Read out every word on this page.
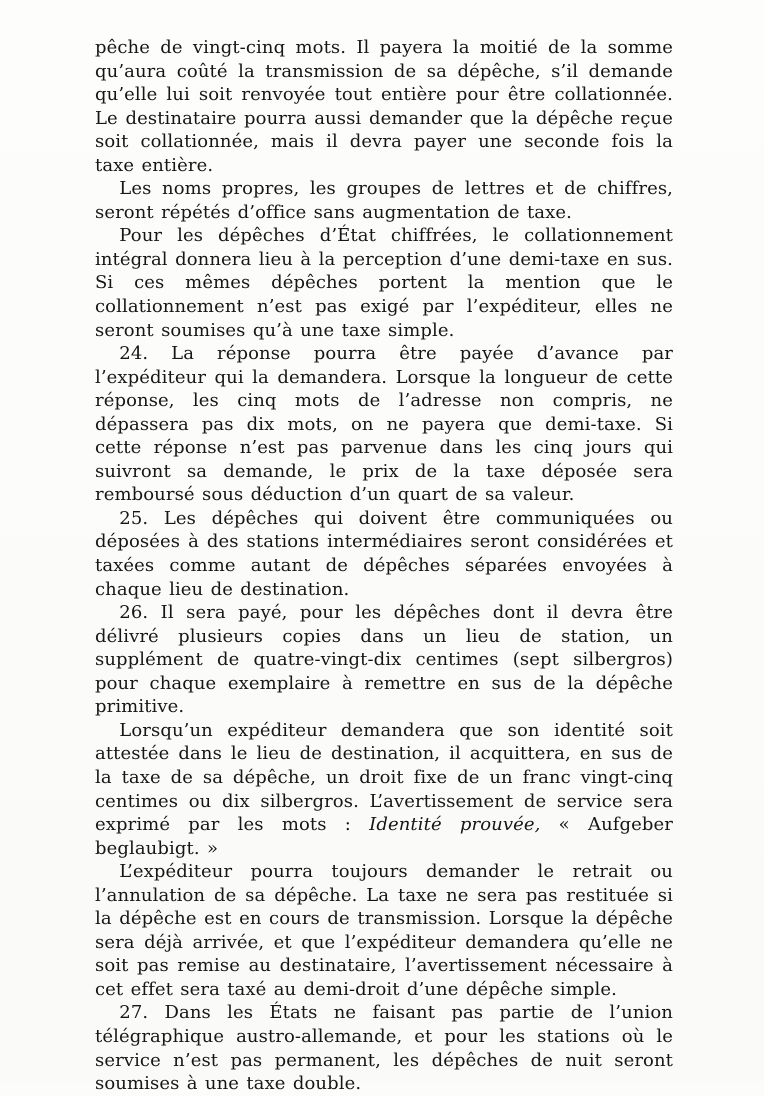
pêche de vingt-cinq mots. Il payera la moitié de la somme qu’aura coûté la transmission de sa dépêche, s’il demande qu’elle lui soit renvoyée tout entière pour être collationnée. Le destinataire pourra aussi demander que la dépêche reçue soit collationnée, mais il devra payer une seconde fois la taxe entière.

Les noms propres, les groupes de lettres et de chiffres, seront répétés d’office sans augmentation de taxe.

Pour les dépêches d’État chiffrées, le collationnement intégral donnera lieu à la perception d’une demi-taxe en sus. Si ces mêmes dépêches portent la mention que le collationnement n’est pas exigé par l’expéditeur, elles ne seront soumises qu’à une taxe simple.

24. La réponse pourra être payée d’avance par l’expéditeur qui la demandera. Lorsque la longueur de cette réponse, les cinq mots de l’adresse non compris, ne dépassera pas dix mots, on ne payera que demi-taxe. Si cette réponse n’est pas parvenue dans les cinq jours qui suivront sa demande, le prix de la taxe déposée sera remboursé sous déduction d’un quart de sa valeur.

25. Les dépêches qui doivent être communiquées ou déposées à des stations intermédiaires seront considérées et taxées comme autant de dépêches séparées envoyées à chaque lieu de destination.

26. Il sera payé, pour les dépêches dont il devra être délivré plusieurs copies dans un lieu de station, un supplément de quatre-vingt-dix centimes (sept silbergros) pour chaque exemplaire à remettre en sus de la dépêche primitive.

Lorsqu’un expéditeur demandera que son identité soit attestée dans le lieu de destination, il acquittera, en sus de la taxe de sa dépêche, un droit fixe de un franc vingt-cinq centimes ou dix silbergros. L’avertissement de service sera exprimé par les mots : Identité prouvée, « Aufgeber beglaubigt. »

L’expéditeur pourra toujours demander le retrait ou l’annulation de sa dépêche. La taxe ne sera pas restituée si la dépêche est en cours de transmission. Lorsque la dépêche sera déjà arrivée, et que l’expéditeur demandera qu’elle ne soit pas remise au destinataire, l’avertissement nécessaire à cet effet sera taxé au demi-droit d’une dépêche simple.

27. Dans les États ne faisant pas partie de l’union télégraphique austro-allemande, et pour les stations où le service n’est pas permanent, les dépêches de nuit seront soumises à une taxe double.
